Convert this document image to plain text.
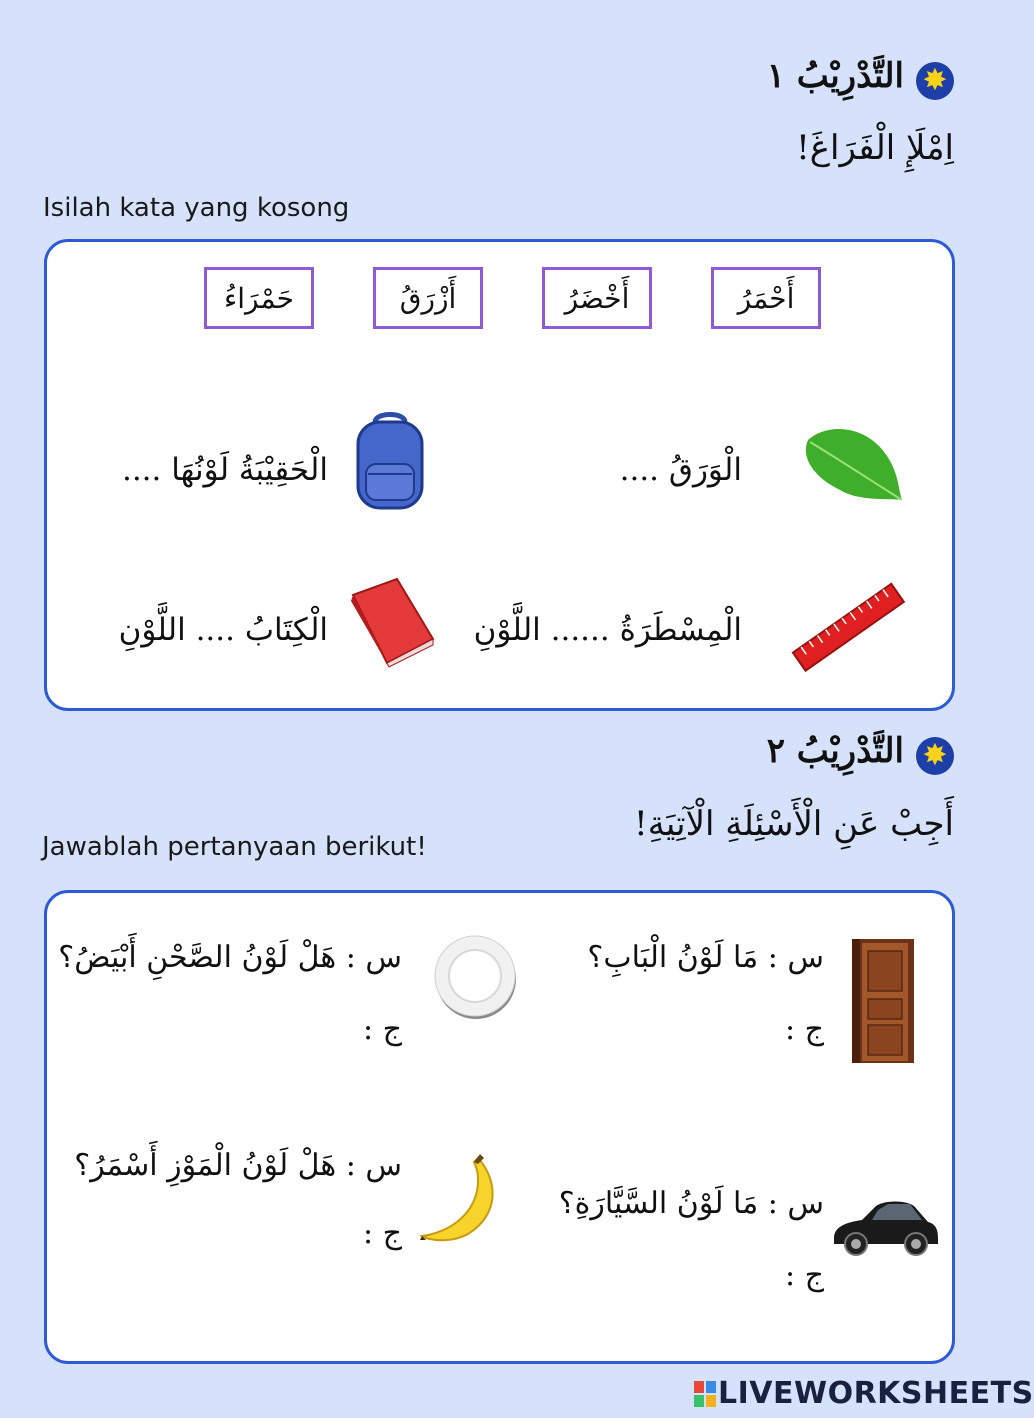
✸
التَّدْرِيْبُ ١
اِمْلَإِ الْفَرَاغَ!
Isilah kata yang kosong
أَحْمَرُ
أَخْضَرُ
أَزْرَقُ
حَمْرَاءُ
الْوَرَقُ ....
الْحَقِيْبَةُ لَوْنُهَا ....
الْمِسْطَرَةُ ...... اللَّوْنِ
الْكِتَابُ .... اللَّوْنِ
✸
التَّدْرِيْبُ ٢
أَجِبْ عَنِ الْأَسْئِلَةِ الْآتِيَةِ!
Jawablah pertanyaan berikut!
س : مَا لَوْنُ الْبَابِ؟
ج :
س : هَلْ لَوْنُ الصَّحْنِ أَبْيَضُ؟
ج :
س : مَا لَوْنُ السَّيَّارَةِ؟
ج :
س : هَلْ لَوْنُ الْمَوْزِ أَسْمَرُ؟
ج :
LIVEWORKSHEETS
